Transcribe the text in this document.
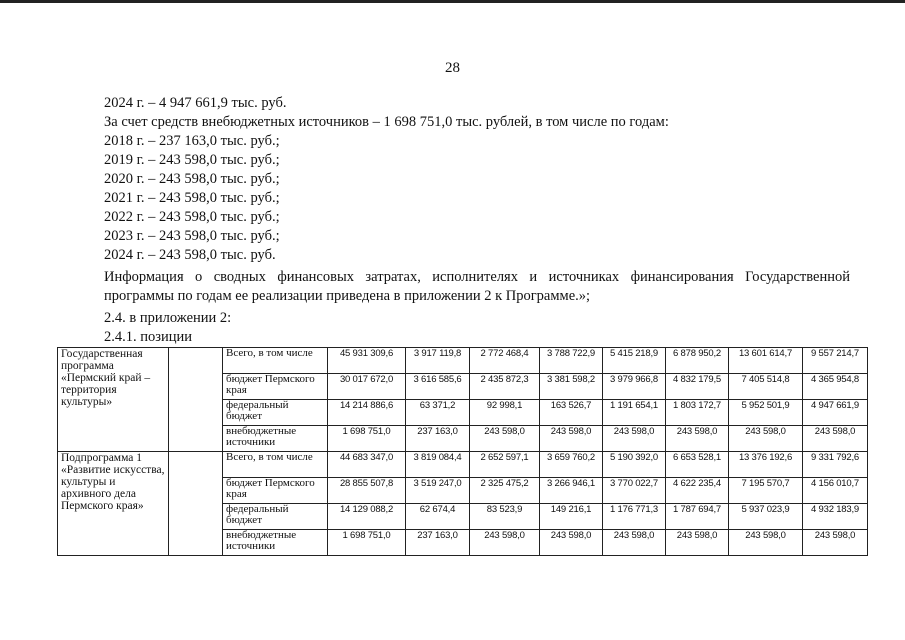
28
2024 г. – 4 947 661,9 тыс. руб.
За счет средств внебюджетных источников – 1 698 751,0 тыс. рублей, в том числе по годам:
2018 г. – 237 163,0 тыс. руб.;
2019 г. – 243 598,0 тыс. руб.;
2020 г. – 243 598,0 тыс. руб.;
2021 г. – 243 598,0 тыс. руб.;
2022 г. – 243 598,0 тыс. руб.;
2023 г. – 243 598,0 тыс. руб.;
2024 г. – 243 598,0 тыс. руб.
Информация о сводных финансовых затратах, исполнителях и источниках финансирования Государственной программы по годам ее реализации приведена в приложении 2 к Программе.»;
2.4. в приложении 2:
2.4.1. позиции
Государственная программа «Пермский край – территория культуры»		Всего, в том числе	45 931 309,6	3 917 119,8	2 772 468,4	3 788 722,9	5 415 218,9	6 878 950,2	13 601 614,7	9 557 214,7
		бюджет Пермского края	30 017 672,0	3 616 585,6	2 435 872,3	3 381 598,2	3 979 966,8	4 832 179,5	7 405 514,8	4 365 954,8
		федеральный бюджет	14 214 886,6	63 371,2	92 998,1	163 526,7	1 191 654,1	1 803 172,7	5 952 501,9	4 947 661,9
		внебюджетные источники	1 698 751,0	237 163,0	243 598,0	243 598,0	243 598,0	243 598,0	243 598,0	243 598,0
Подпрограмма 1 «Развитие искусства, культуры и архивного дела Пермского края»		Всего, в том числе	44 683 347,0	3 819 084,4	2 652 597,1	3 659 760,2	5 190 392,0	6 653 528,1	13 376 192,6	9 331 792,6
		бюджет Пермского края	28 855 507,8	3 519 247,0	2 325 475,2	3 266 946,1	3 770 022,7	4 622 235,4	7 195 570,7	4 156 010,7
		федеральный бюджет	14 129 088,2	62 674,4	83 523,9	149 216,1	1 176 771,3	1 787 694,7	5 937 023,9	4 932 183,9
		внебюджетные источники	1 698 751,0	237 163,0	243 598,0	243 598,0	243 598,0	243 598,0	243 598,0	243 598,0
